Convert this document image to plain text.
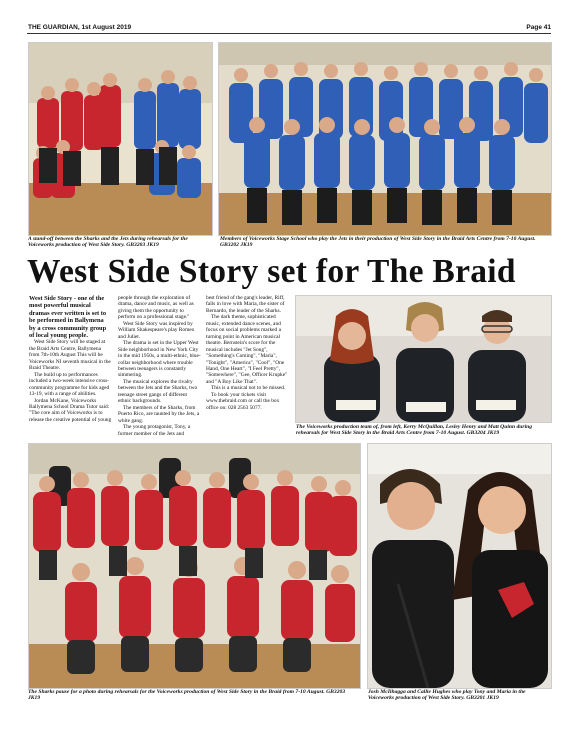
THE GUARDIAN, 1st August 2019	Page 41
A stand-off between the Sharks and the Jets during rehearsals for the Voiceworks production of West Side Story. GB3203 JK19
Members of Voiceworks Stage School who play the Jets in their production of West Side Story in the Braid Arts Centre from 7-10 August. GB3202 JK19
West Side Story set for The Braid

West Side Story - one of the most powerful musical dramas ever written is set to be performed in Ballymena by a cross community group of local young people.

West Side Story will be staged at the Braid Arts Centre, Ballymena from 7th-10th August This will be Voiceworks NI seventh musical in the Braid Theatre.

The build up to performances included a two-week intensive cross-community programme for kids aged 13-19, with a range of abilities.

Jordan McKane, Voiceworks Ballymena School Drama Tutor said: "The core aim of Voiceworks is to release the creative potential of young

people through the exploration of drama, dance and music, as well as giving them the opportunity to perform on a professional stage."

West Side Story was inspired by William Shakespeare's play Romeo and Juliet.

The drama is set in the Upper West Side neighborhood in New York City in the mid 1950s, a multi-ethnic, blue-collar neighborhood where trouble between teenagers is constantly simmering.

The musical explores the rivalry between the Jets and the Sharks, two teenage street gangs of different ethnic backgrounds.

The members of the Sharks, from Puerto Rico, are taunted by the Jets, a white gang.

The young protagonist, Tony, a former member of the Jets and

best friend of the gang's leader, Riff, falls in love with Maria, the sister of Bernardo, the leader of the Sharks.

The dark theme, sophisticated music, extended dance scenes, and focus on social problems marked a turning point in American musical theatre. Bernstein's score for the musical includes "Jet Song", "Something's Coming", "Maria", "Tonight", "America", "Cool", "One Hand, One Heart", "I Feel Pretty", "Somewhere", "Gee, Officer Krupke" and "A Boy Like That".

This is a musical not to be missed.

To book your tickets visit www.thebraid.com or call the box office on: 028 2563 5077.

The Voiceworks production team of, from left, Kerry McQuillan, Lesley Henry and Matt Quinn during rehearsals for West Side Story in the Braid Arts Centre from 7-10 August. GB3204 JK19
The Sharks pause for a photo during rehearsals for the Voiceworks production of West Side Story in the Braid from 7-10 August. GB3203 JK19
Josh McIlhagga and Callie Hughes who play Tony and Maria in the Voiceworks production of West Side Story. GB3201 JK19
